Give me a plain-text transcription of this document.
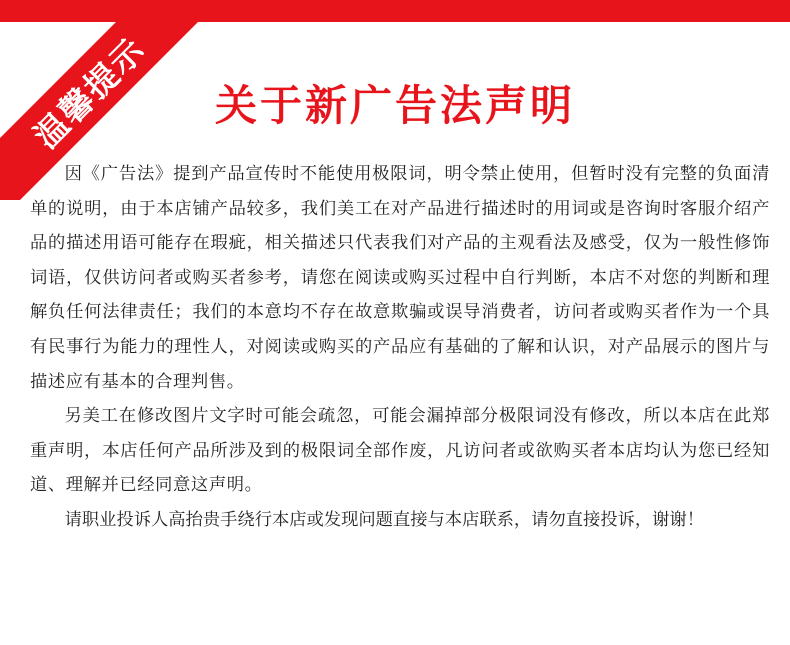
温馨提示	关于新广告法声明

因《广告法》提到产品宣传时不能使用极限词，明令禁止使用，但暂时没有完整的负面清单的说明，由于本店铺产品较多，我们美工在对产品进行描述时的用词或是咨询时客服介绍产品的描述用语可能存在瑕疵，相关描述只代表我们对产品的主观看法及感受，仅为一般性修饰词语，仅供访问者或购买者参考，请您在阅读或购买过程中自行判断，本店不对您的判断和理解负任何法律责任；我们的本意均不存在故意欺骗或误导消费者，访问者或购买者作为一个具有民事行为能力的理性人，对阅读或购买的产品应有基础的了解和认识，对产品展示的图片与描述应有基本的合理判售。

另美工在修改图片文字时可能会疏忽，可能会漏掉部分极限词没有修改，所以本店在此郑重声明，本店任何产品所涉及到的极限词全部作废，凡访问者或欲购买者本店均认为您已经知道、理解并已经同意这声明。

请职业投诉人高抬贵手绕行本店或发现问题直接与本店联系，请勿直接投诉，谢谢！
